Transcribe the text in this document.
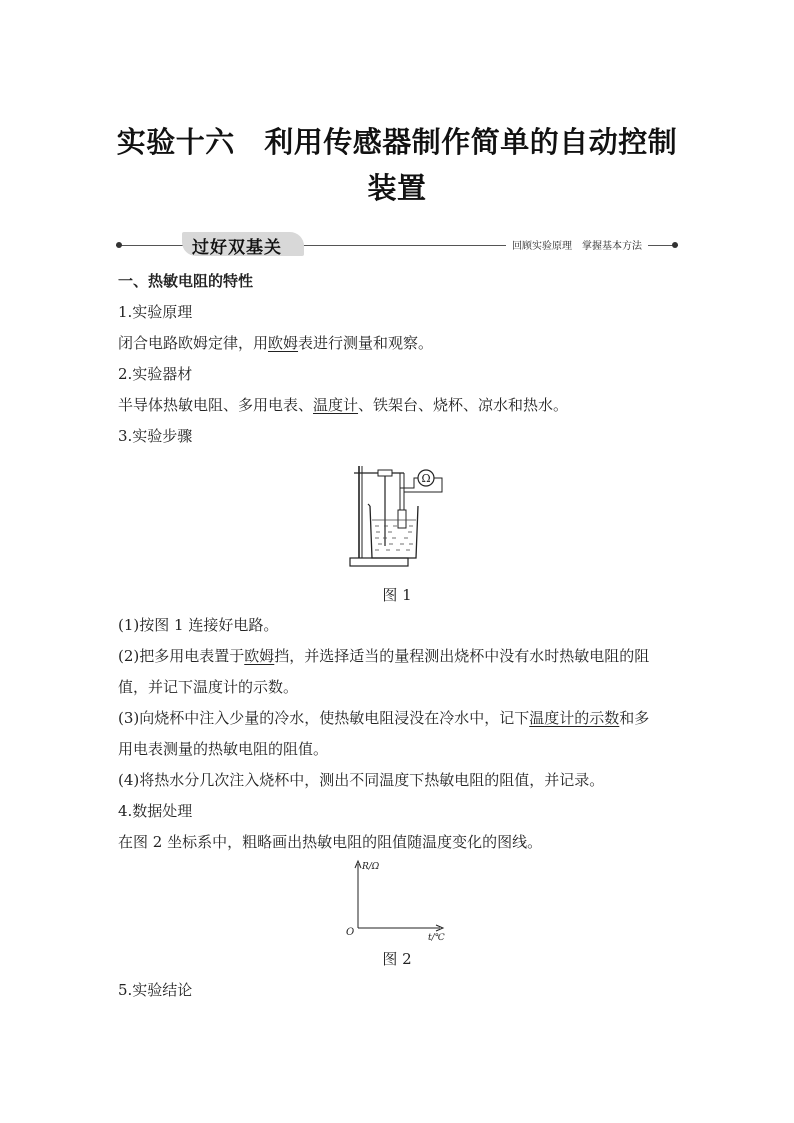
实验十六　利用传感器制作简单的自动控制
装置
过好双基关	回顾实验原理　掌握基本方法
一、热敏电阻的特性
1.实验原理
闭合电路欧姆定律，用欧姆表进行测量和观察。
2.实验器材
半导体热敏电阻、多用电表、温度计、铁架台、烧杯、凉水和热水。
3.实验步骤
Ω
图 1
(1)按图 1 连接好电路。
(2)把多用电表置于欧姆挡，并选择适当的量程测出烧杯中没有水时热敏电阻的阻
值，并记下温度计的示数。
(3)向烧杯中注入少量的冷水，使热敏电阻浸没在冷水中，记下温度计的示数和多
用电表测量的热敏电阻的阻值。
(4)将热水分几次注入烧杯中，测出不同温度下热敏电阻的阻值，并记录。
4.数据处理
在图 2 坐标系中，粗略画出热敏电阻的阻值随温度变化的图线。
R/Ω
t/℃
O
图 2
5.实验结论
